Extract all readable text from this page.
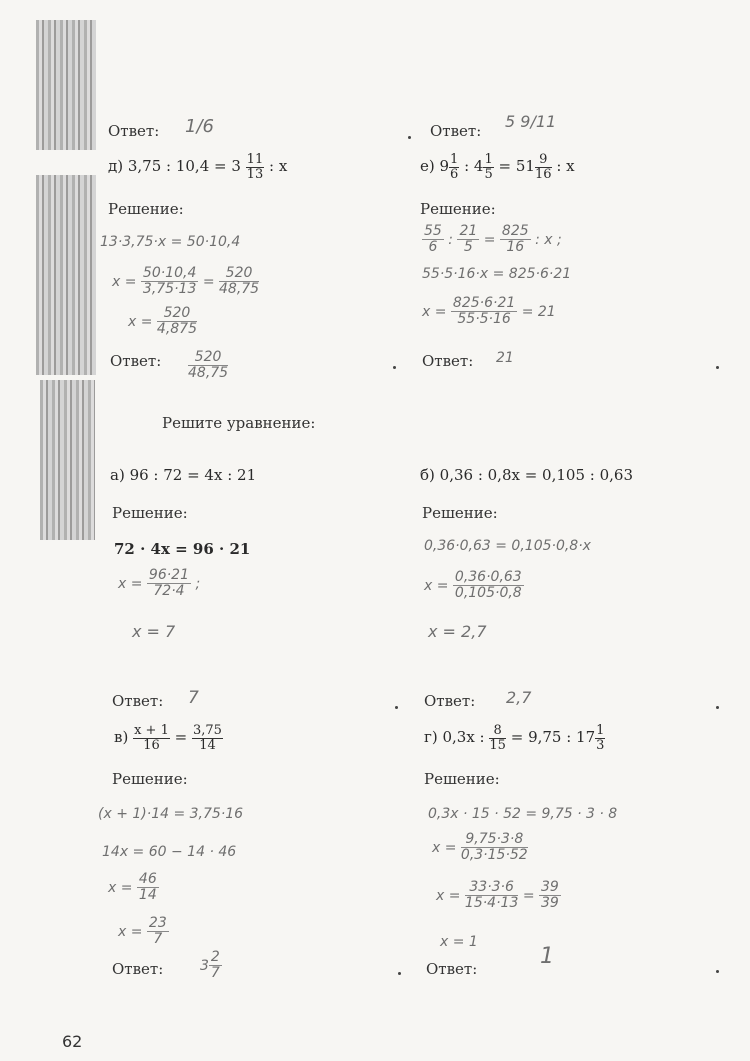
Ответ: 1/6	Ответ: 5 9/11
д) 3,75 : $10,4 = 3 \frac{11}{13}$ : x
Решение:
13·3,75·x = 50·10,4
$x = \frac{50\cdot 10,4}{3,75\cdot 13} = \frac{520}{48,75}$
$x = \frac{520}{4,875}$
Ответ: $\frac{520}{48,75}$
е) $9 \frac{1}{6}$ : $4 \frac{1}{5} = 51 \frac{9}{16}$ : x
Решение:
$\frac{55}{6}$ : $\frac{21}{5} = \frac{825}{16}$ : x ;
55·5·16·x = 825·6·21
$x = \frac{825\cdot 6\cdot 21}{55\cdot 5\cdot 16} = 21$
Ответ: 21
Решите уравнение:
а) 96 : 72 = 4x : 21
Решение:
72 · 4x = 96 · 21
$x = \frac{96\cdot 21}{72\cdot 4}$ ;
x = 7
Ответ: 7
б) 0,36 : 0,8x = 0,105 : 0,63
Решение:
0,36·0,63 = 0,105·0,8·x
$x = \frac{0,36\cdot 0,63}{0,105\cdot 0,8}$
x = 2,7
Ответ: 2,7
$в) \frac{x + 1}{16} = \frac{3,75}{14}$
Решение:
(x + 1)·14 = 3,75·16
14x = 60 − 14 · 46
$x = \frac{46}{14}$
$x = \frac{23}{7}$
Ответ:	$3 \frac{2}{7}$
г) 0,3x : $\frac{8}{15} = 9,75$ : $17 \frac{1}{3}$
Решение:
0,3x · 15 · 52 = 9,75 · 3 · 8
$x = \frac{9,75\cdot 3\cdot 8}{0,3\cdot 15\cdot 52}$
$x = \frac{33\cdot 3\cdot 6}{15\cdot 4\cdot 13} = \frac{39}{39}$
x = 1
Ответ:	1
62
